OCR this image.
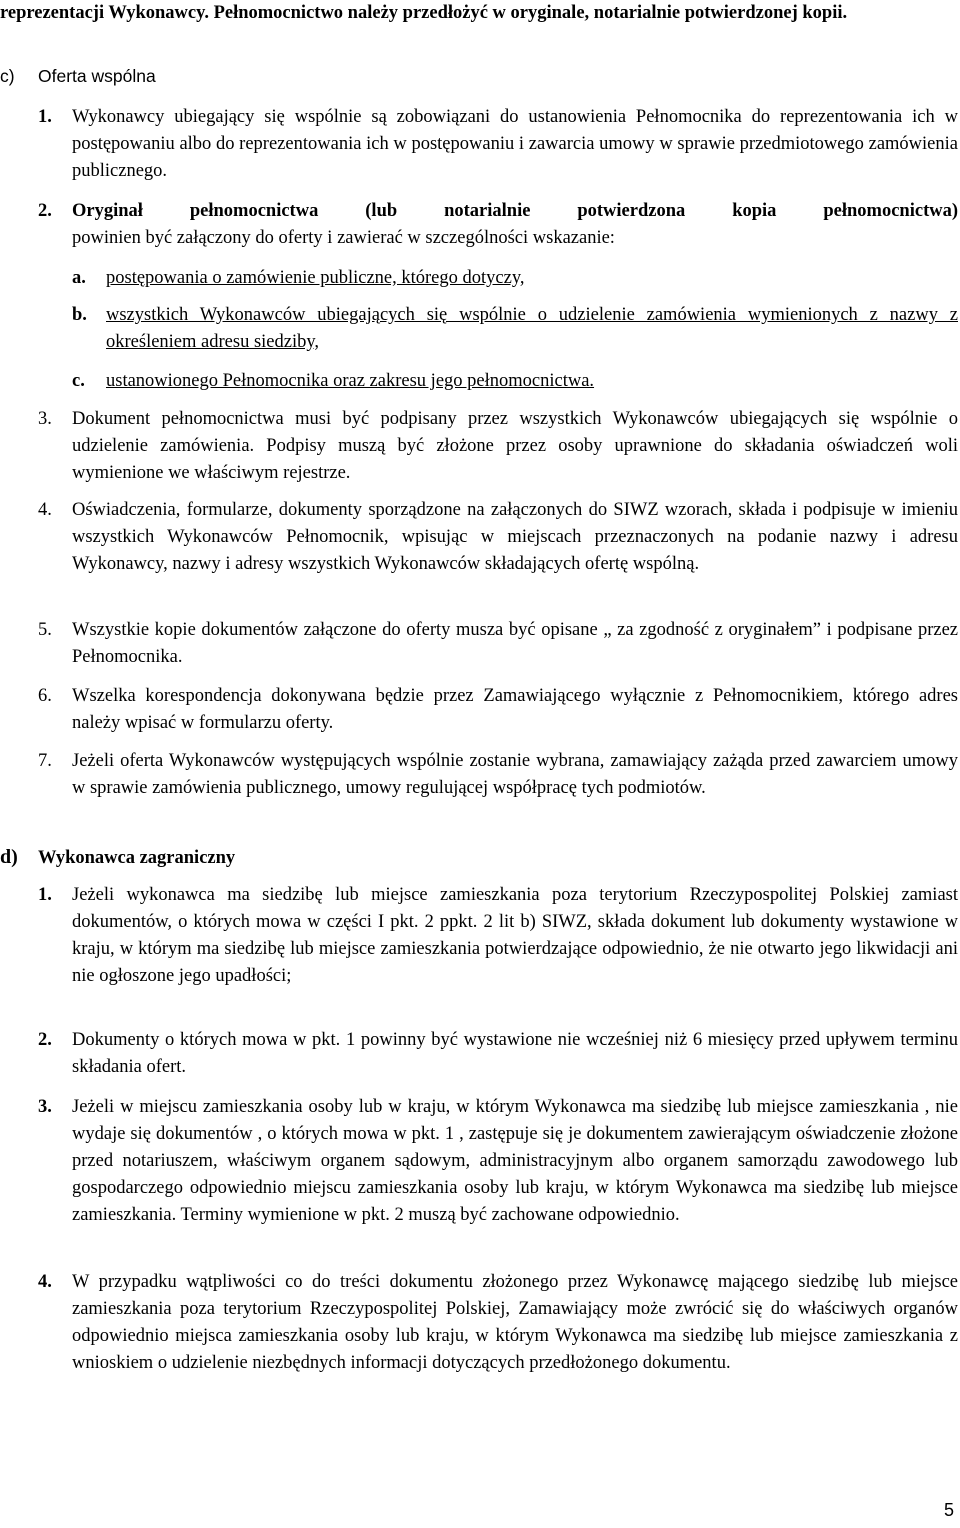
reprezentacji Wykonawcy. Pełnomocnictwo należy przedłożyć w oryginale, notarialnie potwierdzonej kopii.
c) Oferta wspólna
1.	Wykonawcy ubiegający się wspólnie są zobowiązani do ustanowienia Pełnomocnika do reprezentowania ich w postępowaniu albo do reprezentowania ich w postępowaniu i zawarcia umowy w sprawie przedmiotowego zamówienia publicznego.
2.	Oryginał pełnomocnictwa (lub notarialnie potwierdzona kopia pełnomocnictwa)
powinien być załączony do oferty i zawierać w szczególności wskazanie:
a.	postępowania o zamówienie publiczne, którego dotyczy,
b.	wszystkich Wykonawców ubiegających się wspólnie o udzielenie zamówienia wymienionych z nazwy z określeniem adresu siedziby,
c.	ustanowionego Pełnomocnika oraz zakresu jego pełnomocnictwa.
3.	Dokument pełnomocnictwa musi być podpisany przez wszystkich Wykonawców ubiegających się wspólnie o udzielenie zamówienia. Podpisy muszą być złożone przez osoby uprawnione do składania oświadczeń woli wymienione we właściwym rejestrze.
4.	Oświadczenia, formularze, dokumenty sporządzone na załączonych do SIWZ wzorach, składa i podpisuje w imieniu wszystkich Wykonawców Pełnomocnik, wpisując w miejscach przeznaczonych na podanie nazwy i adresu Wykonawcy, nazwy i adresy wszystkich Wykonawców składających ofertę wspólną.
5.	Wszystkie kopie dokumentów załączone do oferty musza być opisane „ za zgodność z oryginałem” i podpisane przez Pełnomocnika.
6.	Wszelka korespondencja dokonywana będzie przez Zamawiającego wyłącznie z Pełnomocnikiem, którego adres należy wpisać w formularzu oferty.
7.	Jeżeli oferta Wykonawców występujących wspólnie zostanie wybrana, zamawiający zażąda przed zawarciem umowy w sprawie zamówienia publicznego, umowy regulującej współpracę tych podmiotów.
d) Wykonawca zagraniczny
1.	Jeżeli wykonawca ma siedzibę lub miejsce zamieszkania poza terytorium Rzeczypospolitej Polskiej zamiast dokumentów, o których mowa w części I pkt. 2 ppkt. 2 lit b) SIWZ, składa dokument lub dokumenty wystawione w kraju, w którym ma siedzibę lub miejsce zamieszkania potwierdzające odpowiednio, że nie otwarto jego likwidacji ani nie ogłoszone jego upadłości;
2.	Dokumenty o których mowa w pkt. 1 powinny być wystawione nie wcześniej niż 6 miesięcy przed upływem terminu składania ofert.
3.	Jeżeli w miejscu zamieszkania osoby lub w kraju, w którym Wykonawca ma siedzibę lub miejsce zamieszkania , nie wydaje się dokumentów , o których mowa w pkt. 1 , zastępuje się je dokumentem zawierającym oświadczenie złożone przed notariuszem, właściwym organem sądowym, administracyjnym albo organem samorządu zawodowego lub gospodarczego odpowiednio miejscu zamieszkania osoby lub kraju, w którym Wykonawca ma siedzibę lub miejsce zamieszkania. Terminy wymienione w pkt. 2 muszą być zachowane odpowiednio.
4.	W przypadku wątpliwości co do treści dokumentu złożonego przez Wykonawcę mającego siedzibę lub miejsce zamieszkania poza terytorium Rzeczypospolitej Polskiej, Zamawiający może zwrócić się do właściwych organów odpowiednio miejsca zamieszkania osoby lub kraju, w którym Wykonawca ma siedzibę lub miejsce zamieszkania z wnioskiem o udzielenie niezbędnych informacji dotyczących przedłożonego dokumentu.
5
